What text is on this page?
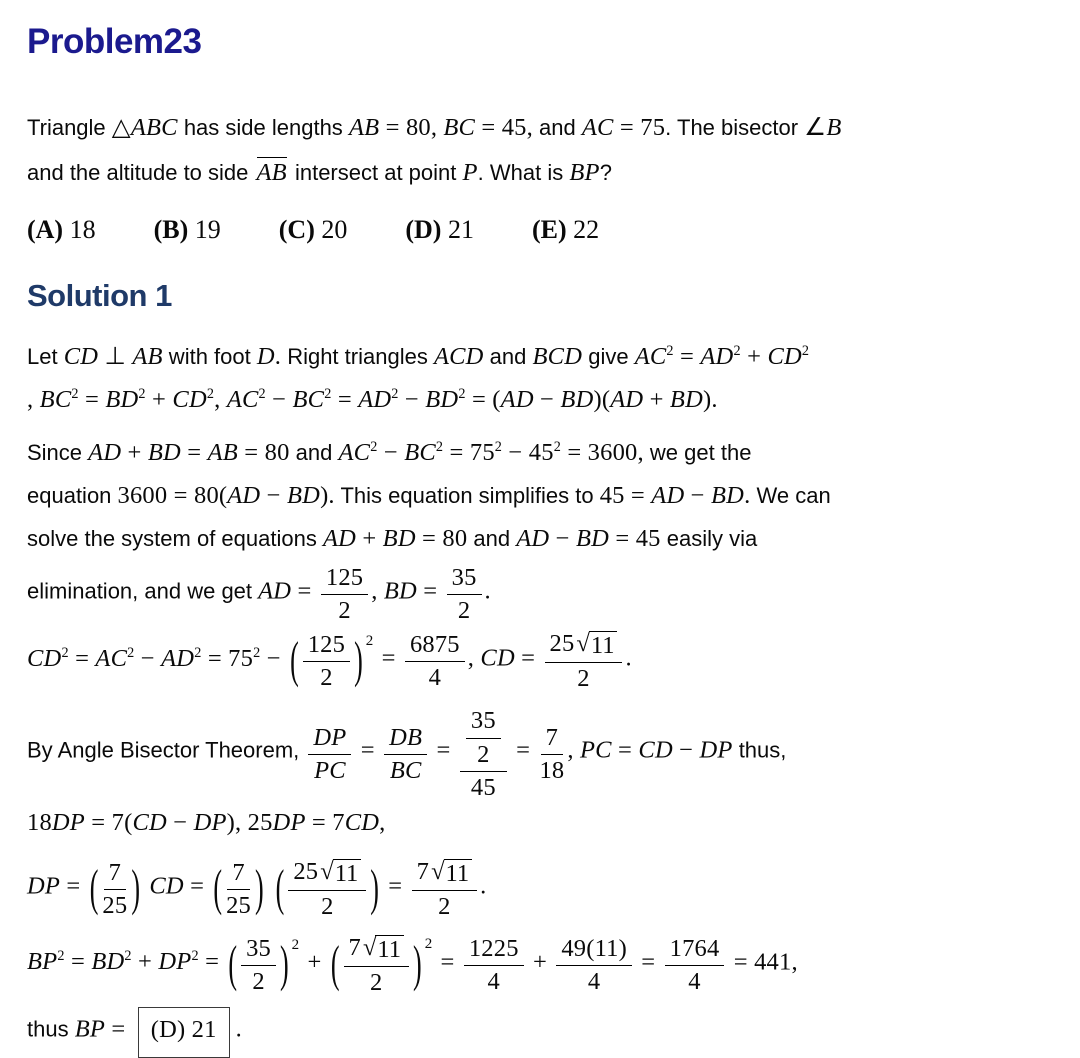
Problem23
Triangle △ABC has side lengths AB = 80, BC = 45, and AC = 75. The bisector ∠B
and the altitude to side AB intersect at point P. What is BP?
(A) 18 (B) 19 (C) 20 (D) 21 (E) 22
Solution 1
Let CD ⊥ AB with foot D. Right triangles ACD and BCD give $AC^2 = AD^2 + CD^2$
, $BC^2 = BD^2 + CD^2$, $AC^2 - BC^2 = AD^2 - BD^2 = (AD - BD)(AD + BD)$.
Since AD + BD = AB = 80 and $AC^2 - BC^2 = 75^2 - 45^2 = 3600$, we get the
equation 3600 = 80(AD − BD). This equation simplifies to 45 = AD − BD. We can
solve the system of equations AD + BD = 80 and AD − BD = 45 easily via
elimination, and we get AD = $\frac{125}{2}$ , BD = $\frac{35}{2}$ .
$CD^2 = AC^2 - AD^2 = 75^2$ − ( $\frac{125}{2}$ ) 2
= $\frac{6875}{4}$ , CD = $\frac{25 √ 11}{2}$ .
By Angle Bisector Theorem, $\frac{DP}{PC} = \frac{DB}{BC} = \frac{\frac{35}{2}}{45} = \frac{7}{18}$ , PC = CD − DP thus,
18DP = 7(CD − DP), 25DP = 7CD,
DP = ( $\frac{7}{25}$ ) CD = ( $\frac{7}{25}$ ) ( $\frac{25 √ 11}{2}$ ) = $\frac{7 √ 11}{2}$ .
$BP^2 = BD^2 + DP^2$ = ( $\frac{35}{2}$ ) 2
+ ( $\frac{7 √ 11}{2}$ ) 2
= $\frac{1225}{4} + \frac{49(11)}{4} = \frac{1764}{4} = 441$,
thus BP = (D) 21 .
